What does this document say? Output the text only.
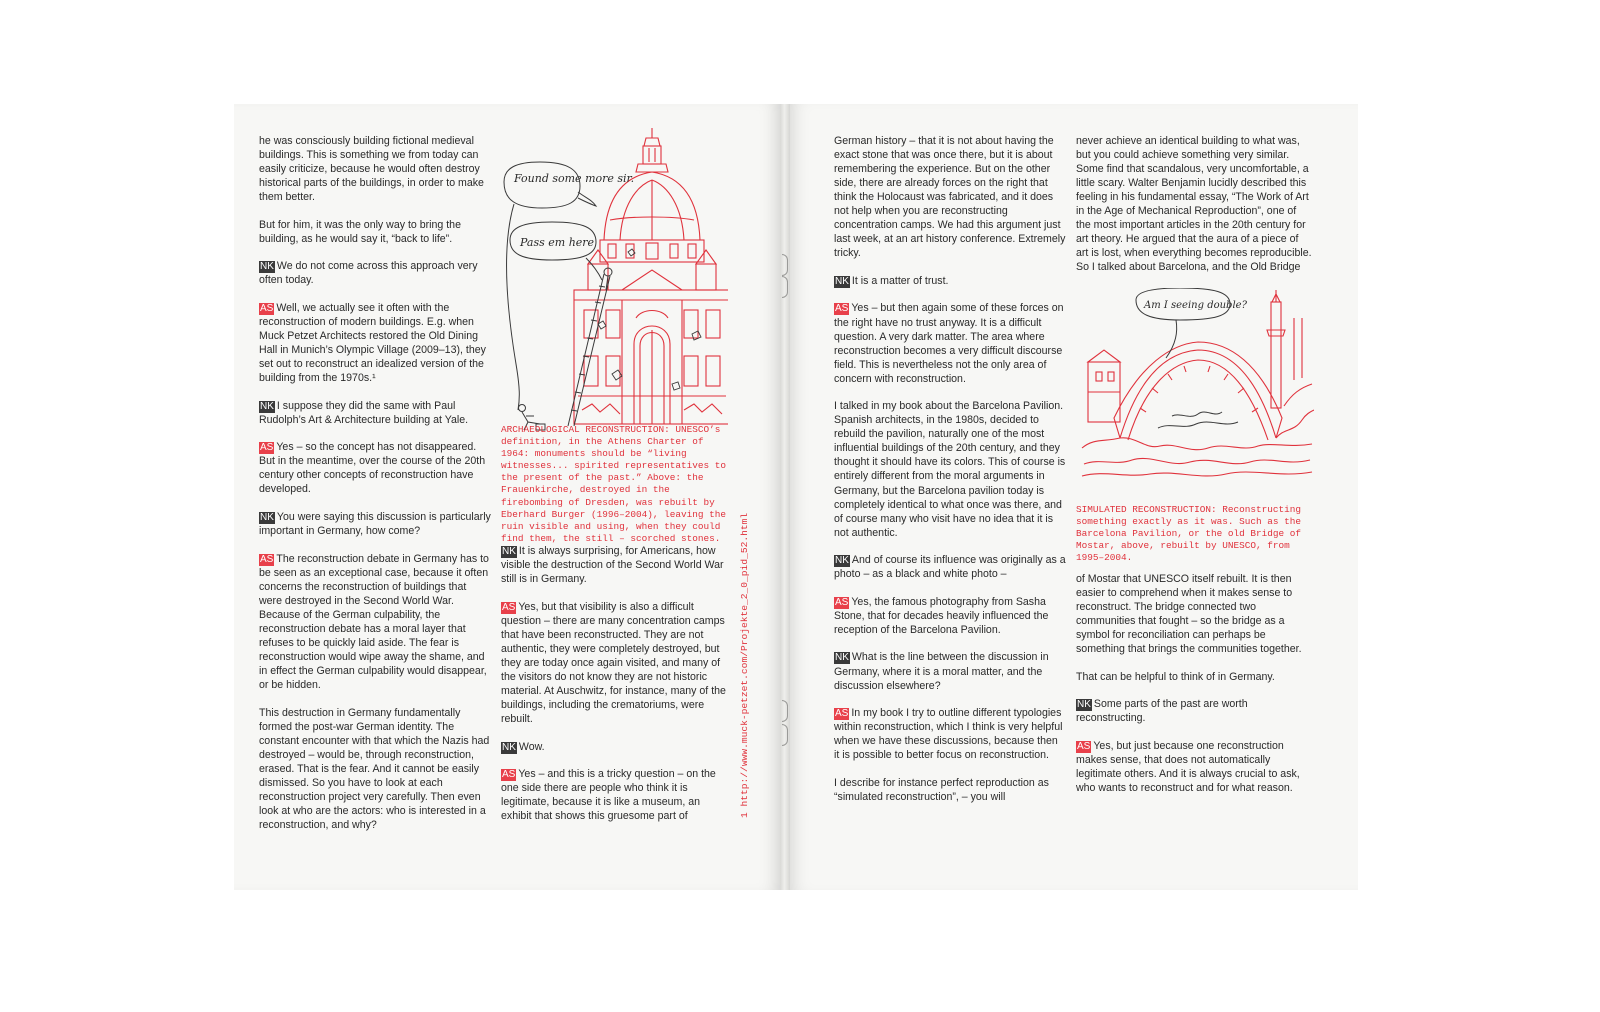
he was consciously building fictional medieval buildings. This is something we from today can easily criticize, because he would often destroy historical parts of the buildings, in order to make them better.

But for him, it was the only way to bring the building, as he would say it, “back to life”.

NK We do not come across this approach very often today.

AS Well, we actually see it often with the reconstruction of modern buildings. E.g. when Muck Petzet Architects restored the Old Dining Hall in Munich’s Olympic Village (2009–13), they set out to reconstruct an idealized version of the building from the 1970s.¹

NK I suppose they did the same with Paul Rudolph’s Art & Architecture building at Yale.

AS Yes – so the concept has not disappeared. But in the meantime, over the course of the 20th century other concepts of reconstruction have developed.

NK You were saying this discussion is particularly important in Germany, how come?

AS The reconstruction debate in Germany has to be seen as an exceptional case, because it often concerns the reconstruction of buildings that were destroyed in the Second World War. Because of the German culpability, the reconstruction debate has a moral layer that refuses to be quickly laid aside. The fear is reconstruction would wipe away the shame, and in effect the German culpability would disappear, or be hidden.

This destruction in Germany fundamentally formed the post-war German identity. The constant encounter with that which the Nazis had destroyed – would be, through reconstruction, erased. That is the fear. And it cannot be easily dismissed. So you have to look at each reconstruction project very carefully. Then even look at who are the actors: who is interested in a reconstruction, and why?

Found some more sir.
Pass em here
ARCHAEOLOGICAL RECONSTRUCTION: UNESCO’s definition, in the Athens Charter of 1964: monuments should be “living witnesses... spirited representatives to the present of the past.” Above: the Frauenkirche, destroyed in the firebombing of Dresden, was rebuilt by Eberhard Burger (1996–2004), leaving the ruin visible and using, when they could find them, the still – scorched stones.

NK It is always surprising, for Americans, how visible the destruction of the Second World War still is in Germany.

AS Yes, but that visibility is also a difficult question – there are many concentration camps that have been reconstructed. They are not authentic, they were completely destroyed, but they are today once again visited, and many of the visitors do not know they are not historic material. At Auschwitz, for instance, many of the buildings, including the crematoriums, were rebuilt.

NK Wow.

AS Yes – and this is a tricky question – on the one side there are people who think it is legitimate, because it is like a museum, an exhibit that shows this gruesome part of	1 http://www.muck-petzet.com/Projekte_2_0_pid_52.html

German history – that it is not about having the exact stone that was once there, but it is about remembering the experience. But on the other side, there are already forces on the right that think the Holocaust was fabricated, and it does not help when you are reconstructing concentration camps. We had this argument just last week, at an art history conference. Extremely tricky.

NK It is a matter of trust.

AS Yes – but then again some of these forces on the right have no trust anyway. It is a difficult question. A very dark matter. The area where reconstruction becomes a very difficult discourse field. This is nevertheless not the only area of concern with reconstruction.

I talked in my book about the Barcelona Pavilion. Spanish architects, in the 1980s, decided to rebuild the pavilion, naturally one of the most influential buildings of the 20th century, and they thought it should have its colors. This of course is entirely different from the moral arguments in Germany, but the Barcelona pavilion today is completely identical to what once was there, and of course many who visit have no idea that it is not authentic.

NK And of course its influence was originally as a photo – as a black and white photo –

AS Yes, the famous photography from Sasha Stone, that for decades heavily influenced the reception of the Barcelona Pavilion.

NK What is the line between the discussion in Germany, where it is a moral matter, and the discussion elsewhere?

AS In my book I try to outline different typologies within reconstruction, which I think is very helpful when we have these discussions, because then it is possible to better focus on reconstruction.

I describe for instance perfect reproduction as “simulated reconstruction”, – you will

never achieve an identical building to what was, but you could achieve something very similar. Some find that scandalous, very uncomfortable, a little scary. Walter Benjamin lucidly described this feeling in his fundamental essay, “The Work of Art in the Age of Mechanical Reproduction”, one of the most important articles in the 20th century for art theory. He argued that the aura of a piece of art is lost, when everything becomes reproducible. So I talked about Barcelona, and the Old Bridge

Am I seeing double?
SIMULATED RECONSTRUCTION: Reconstructing something exactly as it was. Such as the Barcelona Pavilion, or the old Bridge of Mostar, above, rebuilt by UNESCO, from 1995–2004.

of Mostar that UNESCO itself rebuilt. It is then easier to comprehend when it makes sense to reconstruct. The bridge connected two communities that fought – so the bridge as a symbol for reconciliation can perhaps be something that brings the communities together.

That can be helpful to think of in Germany.

NK Some parts of the past are worth reconstructing.

AS Yes, but just because one reconstruction makes sense, that does not automatically legitimate others. And it is always crucial to ask, who wants to reconstruct and for what reason.
